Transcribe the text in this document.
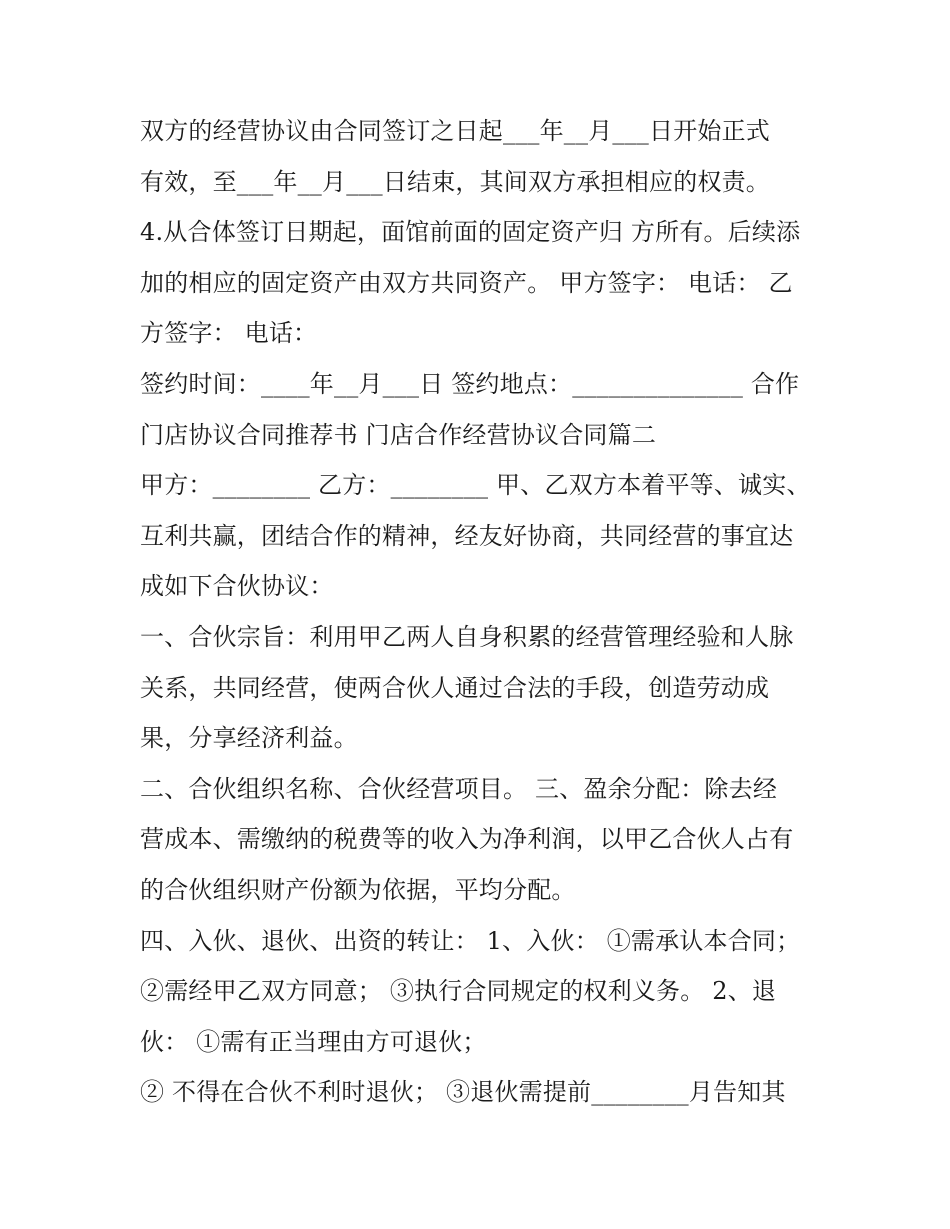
双方的经营协议由合同签订之日起___年__月___日开始正式
有效，至___年__月___日结束，其间双方承担相应的权责。
4.从合体签订日期起，面馆前面的固定资产归 方所有。后续添
加的相应的固定资产由双方共同资产。 甲方签字： 电话： 乙
方签字： 电话：
签约时间：____年__月___日 签约地点：______________ 合作
门店协议合同推荐书 门店合作经营协议合同篇二
甲方：________ 乙方：________ 甲、乙双方本着平等、诚实、
互利共赢，团结合作的精神，经友好协商，共同经营的事宜达
成如下合伙协议：
一、合伙宗旨：利用甲乙两人自身积累的经营管理经验和人脉
关系，共同经营，使两合伙人通过合法的手段，创造劳动成
果，分享经济利益。
二、合伙组织名称、合伙经营项目。 三、盈余分配：除去经
营成本、需缴纳的税费等的收入为净利润，以甲乙合伙人占有
的合伙组织财产份额为依据，平均分配。
四、入伙、退伙、出资的转让： 1、入伙： ①需承认本合同；
②需经甲乙双方同意； ③执行合同规定的权利义务。 2、退
伙： ①需有正当理由方可退伙；
② 不得在合伙不利时退伙； ③退伙需提前________月告知其
